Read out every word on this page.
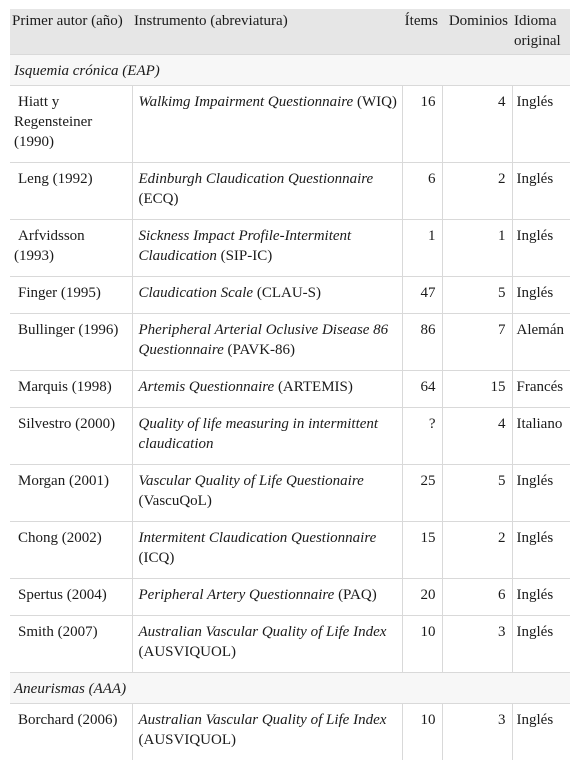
Primer autor (año)	Instrumento (abreviatura)	Ítems	Dominios	Idioma
original
Isquemia crónica (EAP)				
Hiatt y Regensteiner (1990)	Walkimg Impairment Questionnaire (WIQ)	16	4	Inglés
Leng (1992)	Edinburgh Claudication Questionnaire (ECQ)	6	2	Inglés
Arfvidsson (1993)	Sickness Impact Profile-Intermitent Claudication (SIP-IC)	1	1	Inglés
Finger (1995)	Claudication Scale (CLAU-S)	47	5	Inglés
Bullinger (1996)	Pheripheral Arterial Oclusive Disease 86 Questionnaire (PAVK-86)	86	7	Alemán
Marquis (1998)	Artemis Questionnaire (ARTEMIS)	64	15	Francés
Silvestro (2000)	Quality of life measuring in intermittent claudication	?	4	Italiano
Morgan (2001)	Vascular Quality of Life Questionaire (VascuQoL)	25	5	Inglés
Chong (2002)	Intermitent Claudication Questionnaire (ICQ)	15	2	Inglés
Spertus (2004)	Peripheral Artery Questionnaire (PAQ)	20	6	Inglés
Smith (2007)	Australian Vascular Quality of Life Index (AUSVIQUOL)	10	3	Inglés
Aneurismas (AAA)				
Borchard (2006)	Australian Vascular Quality of Life Index (AUSVIQUOL)	10	3	Inglés
